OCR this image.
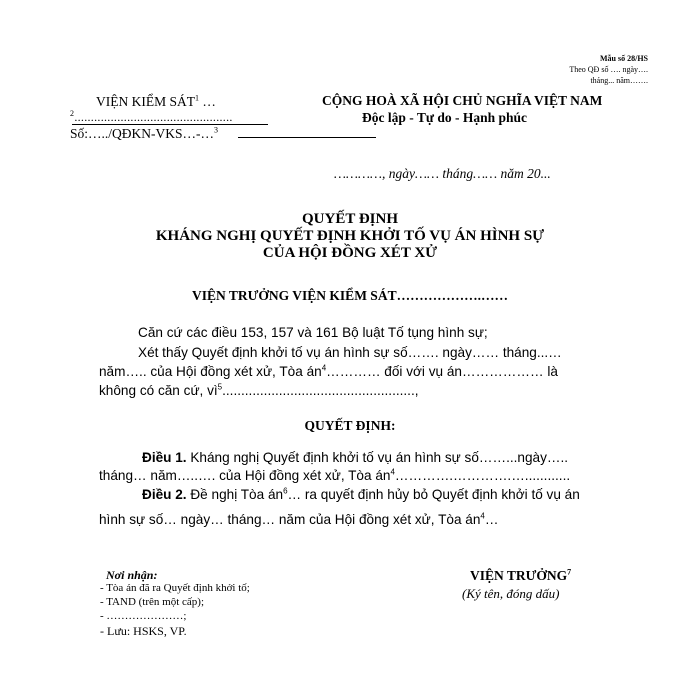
Mẫu số 28/HS
Theo QĐ số …. ngày….
tháng... năm…….
VIỆN KIỂM SÁT$^1$ …
$^2$................................................
Số:…../QĐKN-VKS…-…$^3$
CỘNG HOÀ XÃ HỘI CHỦ NGHĨA VIỆT NAM
Độc lập - Tự do - Hạnh phúc
…………, ngày…… tháng…… năm 20...
QUYẾT ĐỊNH
KHÁNG NGHỊ QUYẾT ĐỊNH KHỞI TỐ VỤ ÁN HÌNH SỰ
CỦA HỘI ĐỒNG XÉT XỬ
VIỆN TRƯỞNG VIỆN KIỂM SÁT……………….……
Căn cứ các điều 153, 157 và 161 Bộ luật Tố tụng hình sự;
Xét thấy Quyết định khởi tố vụ án hình sự số……. ngày…… tháng...…
năm….. của Hội đồng xét xử, Tòa $án^4\dots\dots\dots\dots$ đối với vụ án……………… là
không có căn cứ, $vì^5$...................................................,
QUYẾT ĐỊNH:
Điều 1. Kháng nghị Quyết định khởi tố vụ án hình sự số……...ngày…..
tháng… năm…..…. của Hội đồng xét xử, Tòa $án^4\dots\dots\dots\dots.\dots\dots\dots\dots.\dots$............
Điều 2. Đề nghị Tòa $án^6\dots$ ra quyết định hủy bỏ Quyết định khởi tố vụ án
hình sự số… ngày… tháng… năm của Hội đồng xét xử, Tòa $án^4\dots$
Nơi nhận:
- Tòa án đã ra Quyết định khởi tố;
- TAND (trên một cấp);
- …………………;
- Lưu: HSKS, VP.
VIỆN TRƯỞNG$^7$
(Ký tên, đóng dấu)
